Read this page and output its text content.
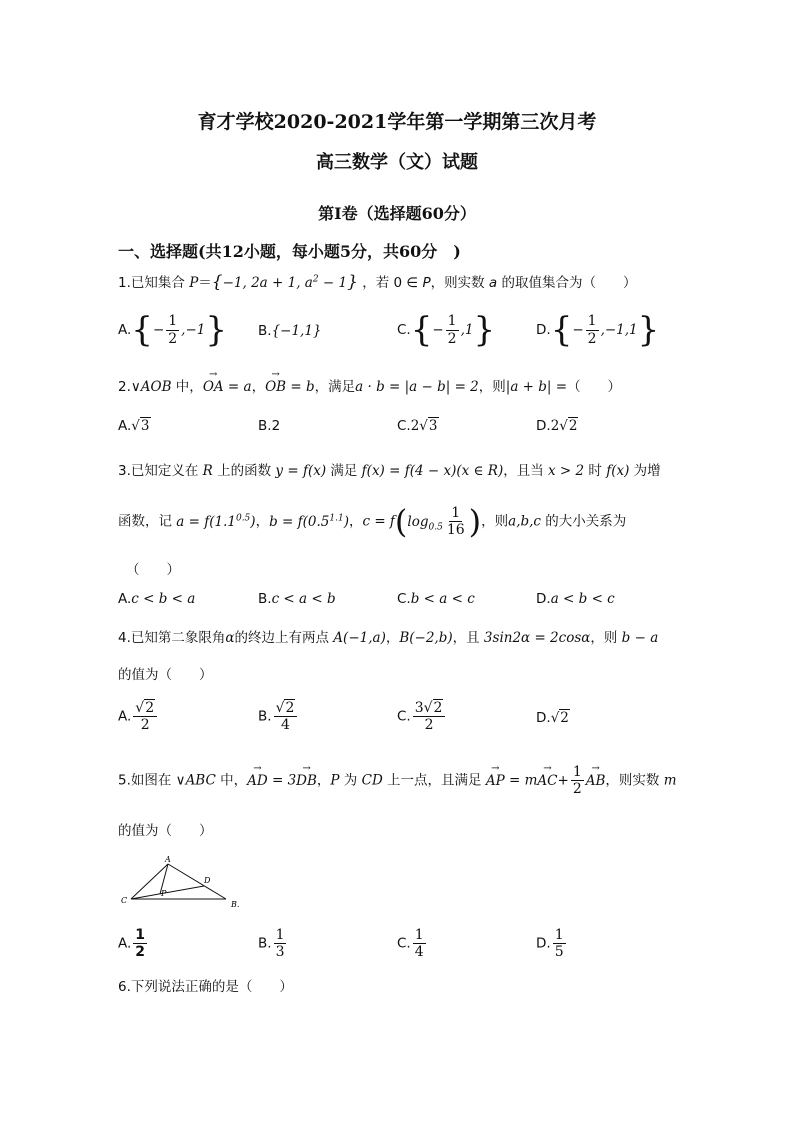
育才学校2020-2021学年第一学期第三次月考
高三数学（文）试题
第I卷（选择题60分）
一、选择题(共12小题，每小题5分，共60分　)
1.已知集合 P＝{−1, 2a + 1, $a^2 - 1$} ，若 0 ∈ P，则实数 a 的取值集合为（　　）
$A.\{- \frac{1}{2} ,-1\}$ B.{−1,1}	$C.\{- \frac{1}{2} ,1\}$	$D.\{- \frac{1}{2} ,-1,1\}$
2.∨AOB 中，→ OA = a，→ OB = b，满足a · b = |a − b| = 2，则|a + b| =（　　）
A.√3	B.2	C.2√3	D.2√2
3.已知定义在 R 上的函数 y = f(x) 满足 f(x) = f(4 − x)(x ∈ R)，且当 x > 2 时 f(x) 为增
函数，记 $a = f(1.1^{0.5})$，$b = f(0.5^{1.1})$，$c = f(\log_{0.5} \frac{1}{16}$ )，则a,b,c 的大小关系为
（　　）
A.c < b < a	B.c < a < b	C.b < a < c	D.a < b < c
4.已知第二象限角α的终边上有两点 A(−1,a)，B(−2,b)，且 3sin2α = 2cosα，则 b − a
的值为（　　）
A. $\frac{√2}{2}$	B. $\frac{√2}{4}$	C. $\frac{3√2}{2}$	D.√2
5.如图在 ∨ABC 中，→ AD = 3→ DB，P 为 CD 上一点，且满足 → AP = $m\to AC+ \frac{1}{2}$
→ AB，则实数 m
的值为（　　）
A
D
P
C	B.
A. $\frac{1}{2}$	B. $\frac{1}{3}$	C. $\frac{1}{4}$	D. $\frac{1}{5}$
6.下列说法正确的是（　　）
